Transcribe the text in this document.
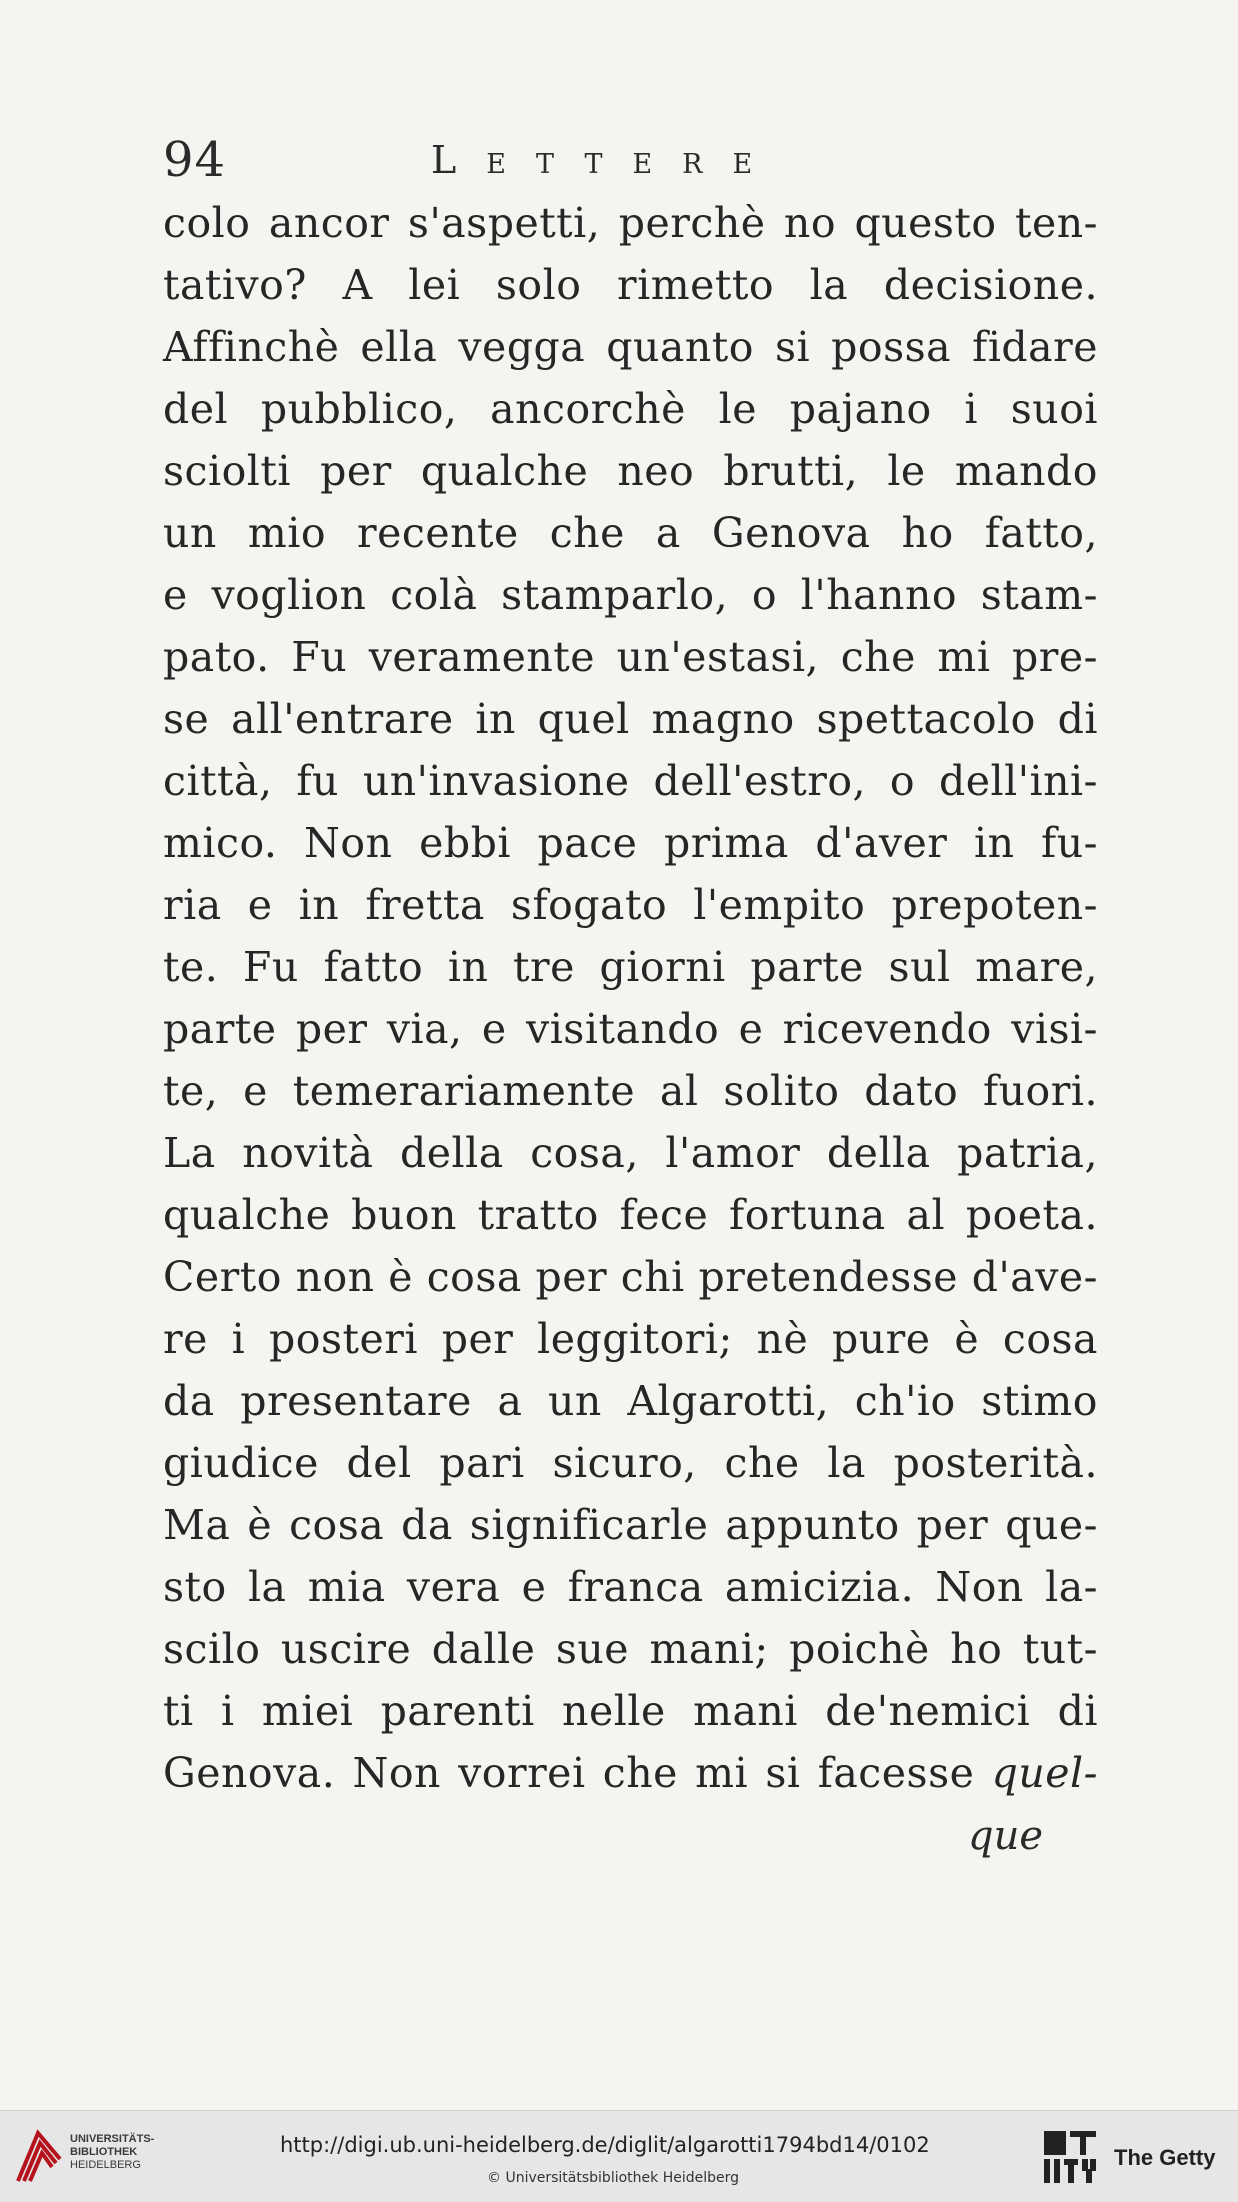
94	Lettere
colo ancor s'aspetti, perchè no questo ten-
tativo? A lei solo rimetto la decisione.
Affinchè ella vegga quanto si possa fidare
del pubblico, ancorchè le pajano i suoi
sciolti per qualche neo brutti, le mando
un mio recente che a Genova ho fatto,
e voglion colà stamparlo, o l'hanno stam-
pato. Fu veramente un'estasi, che mi pre-
se all'entrare in quel magno spettacolo di
città, fu un'invasione dell'estro, o dell'ini-
mico. Non ebbi pace prima d'aver in fu-
ria e in fretta sfogato l'empito prepoten-
te. Fu fatto in tre giorni parte sul mare,
parte per via, e visitando e ricevendo visi-
te, e temerariamente al solito dato fuori.
La novità della cosa, l'amor della patria,
qualche buon tratto fece fortuna al poeta.
Certo non è cosa per chi pretendesse d'ave-
re i posteri per leggitori; nè pure è cosa
da presentare a un Algarotti, ch'io stimo
giudice del pari sicuro, che la posterità.
Ma è cosa da significarle appunto per que-
sto la mia vera e franca amicizia. Non la-
scilo uscire dalle sue mani; poichè ho tut-
ti i miei parenti nelle mani de'nemici di
Genova. Non vorrei che mi si facesse quel-
que
UNIVERSITÄTS-
BIBLIOTHEK
HEIDELBERG
http://digi.ub.uni-heidelberg.de/diglit/algarotti1794bd14/0102
© Universitätsbibliothek Heidelberg
The Getty
